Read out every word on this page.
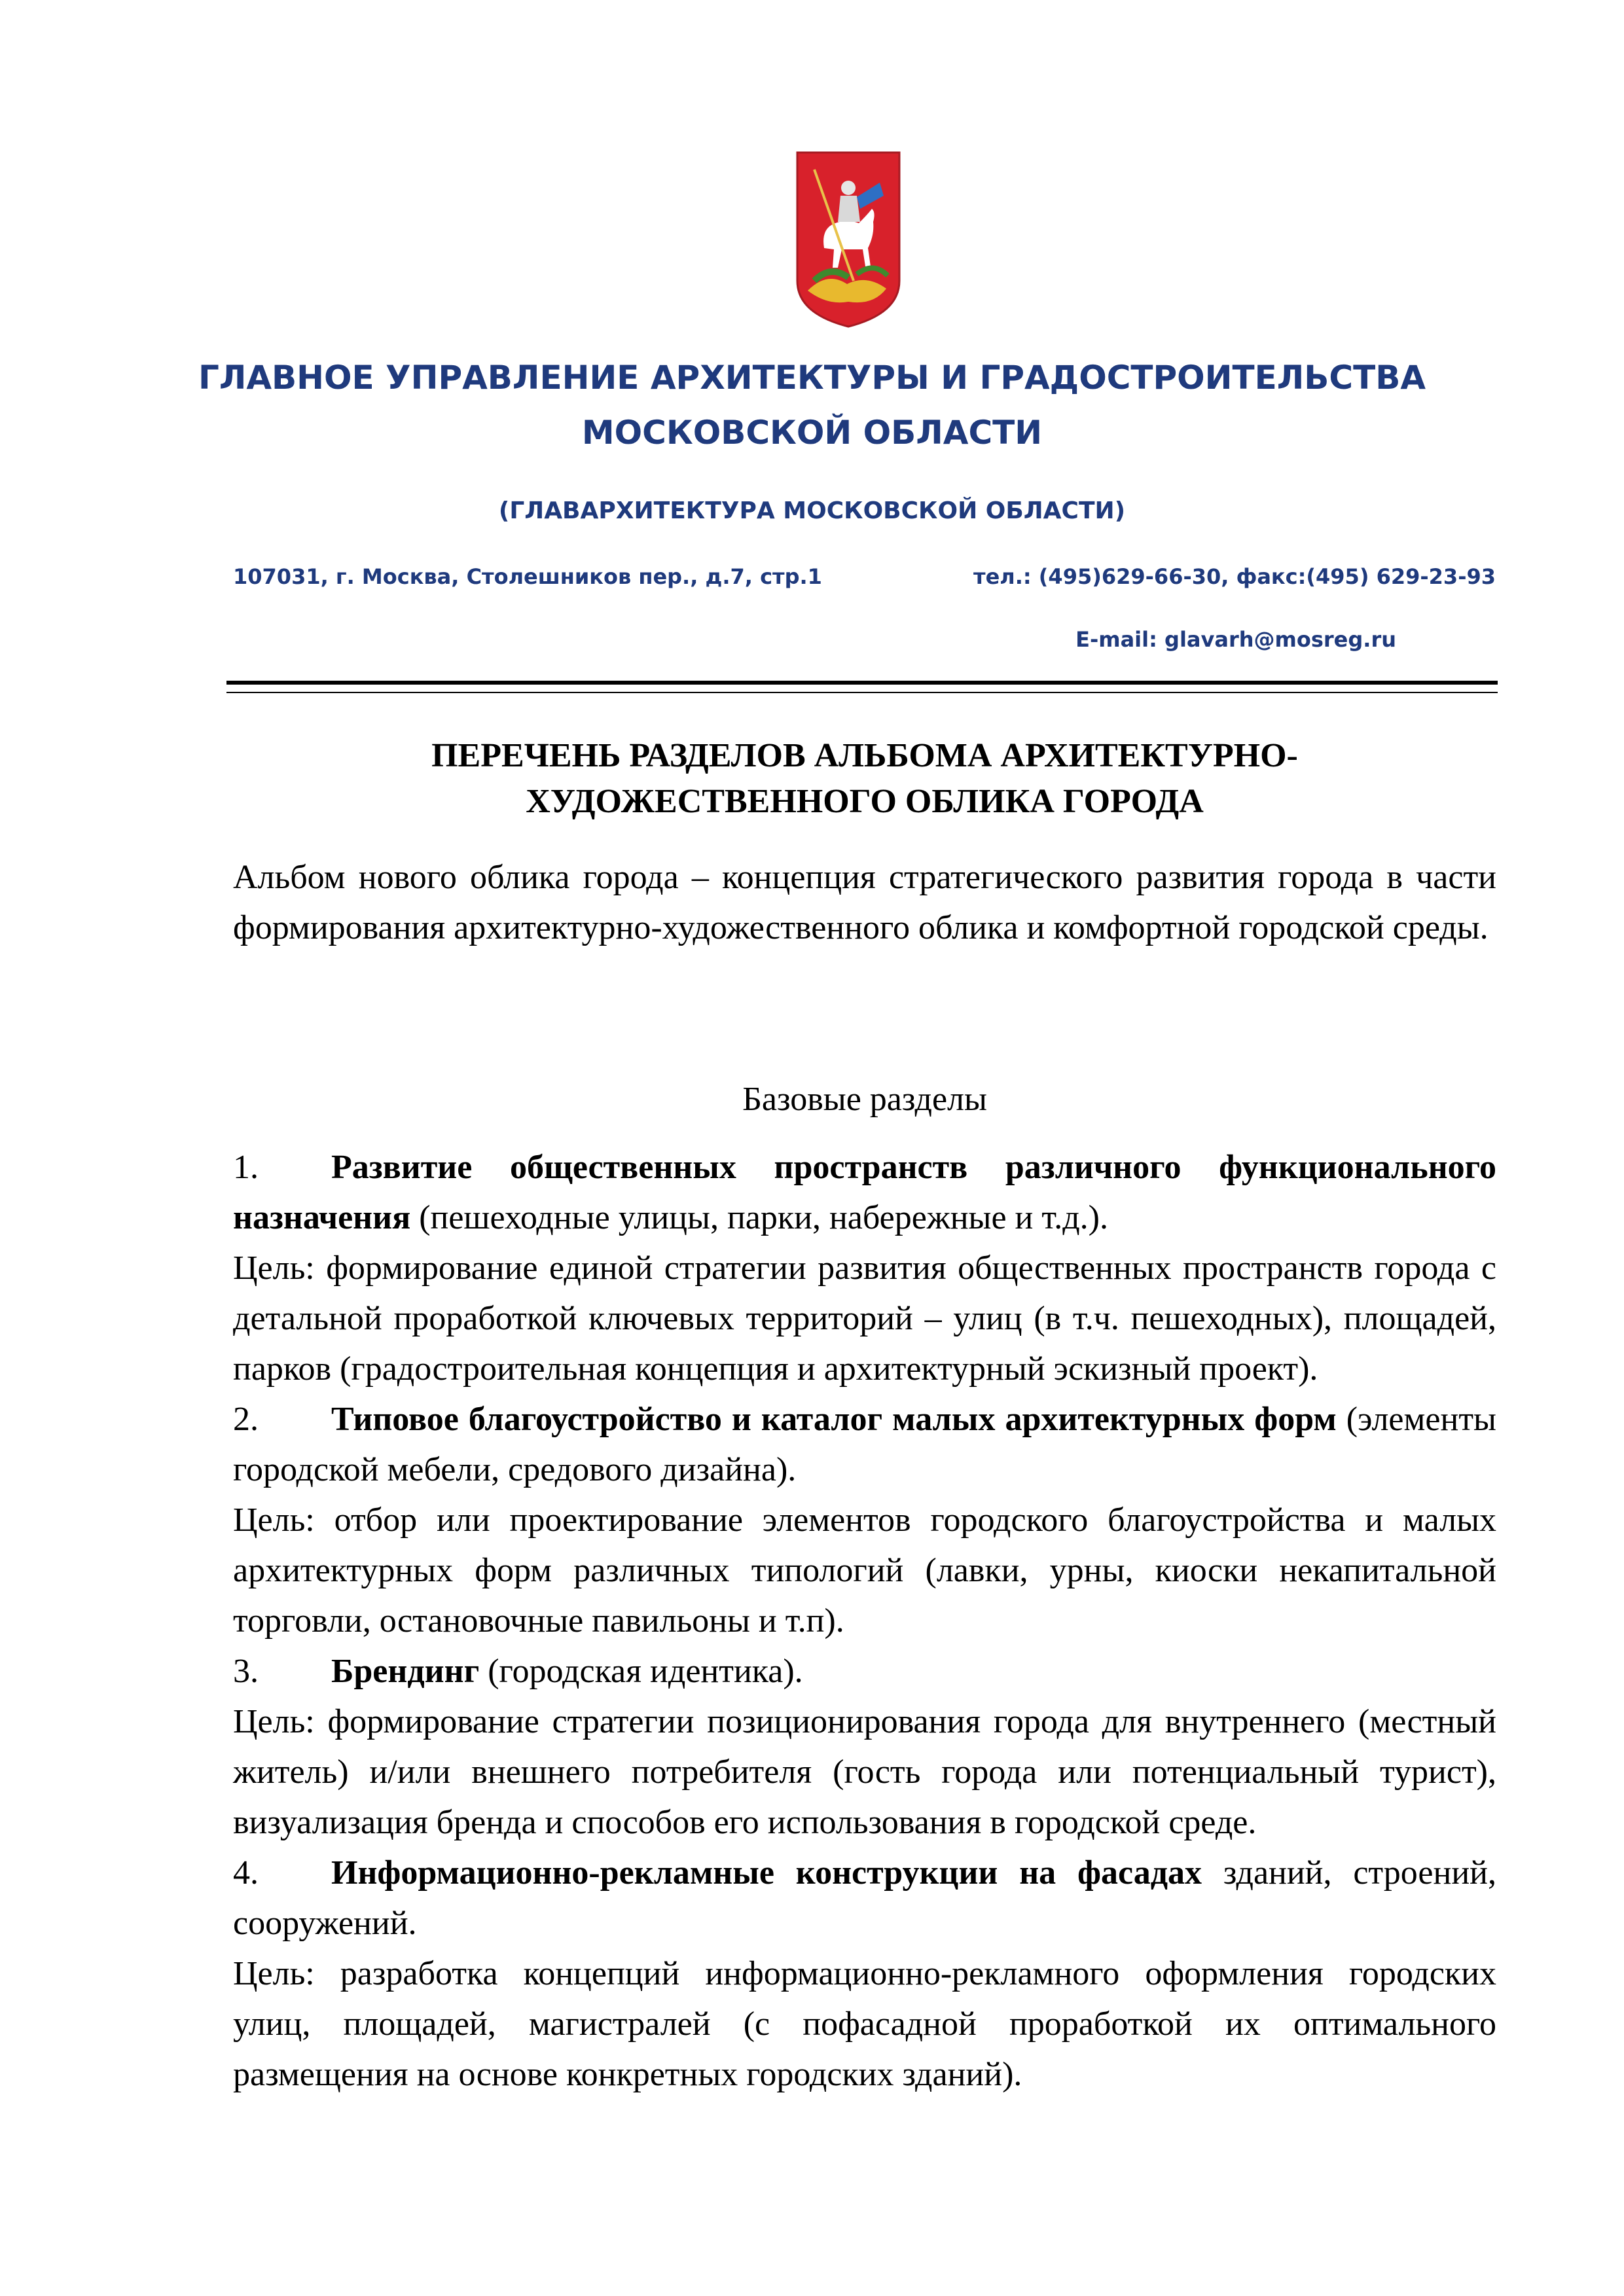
ГЛАВНОЕ УПРАВЛЕНИЕ АРХИТЕКТУРЫ И ГРАДОСТРОИТЕЛЬСТВА
МОСКОВСКОЙ ОБЛАСТИ
(ГЛАВАРХИТЕКТУРА МОСКОВСКОЙ ОБЛАСТИ)
107031, г. Москва, Столешников пер., д.7, стр.1	тел.: (495)629-66-30, факс:(495) 629-23-93
E-mail: glavarh@mosreg.ru
ПЕРЕЧЕНЬ РАЗДЕЛОВ АЛЬБОМА АРХИТЕКТУРНО-
ХУДОЖЕСТВЕННОГО ОБЛИКА ГОРОДА
Альбом нового облика города – концепция стратегического развития города в части формирования архитектурно-художественного облика и комфортной городской среды.
Базовые разделы

1. Развитие общественных пространств различного функционального назначения (пешеходные улицы, парки, набережные и т.д.).

Цель: формирование единой стратегии развития общественных пространств города с детальной проработкой ключевых территорий – улиц (в т.ч. пешеходных), площадей, парков (градостроительная концепция и архитектурный эскизный проект).

2. Типовое благоустройство и каталог малых архитектурных форм (элементы городской мебели, средового дизайна).

Цель: отбор или проектирование элементов городского благоустройства и малых архитектурных форм различных типологий (лавки, урны, киоски некапитальной торговли, остановочные павильоны и т.п).

3. Брендинг (городская идентика).

Цель: формирование стратегии позиционирования города для внутреннего (местный житель) и/или внешнего потребителя (гость города или потенциальный турист), визуализация бренда и способов его использования в городской среде.

4. Информационно-рекламные конструкции на фасадах зданий, строений, сооружений.

Цель: разработка концепций информационно-рекламного оформления городских улиц, площадей, магистралей (с пофасадной проработкой их оптимального размещения на основе конкретных городских зданий).
